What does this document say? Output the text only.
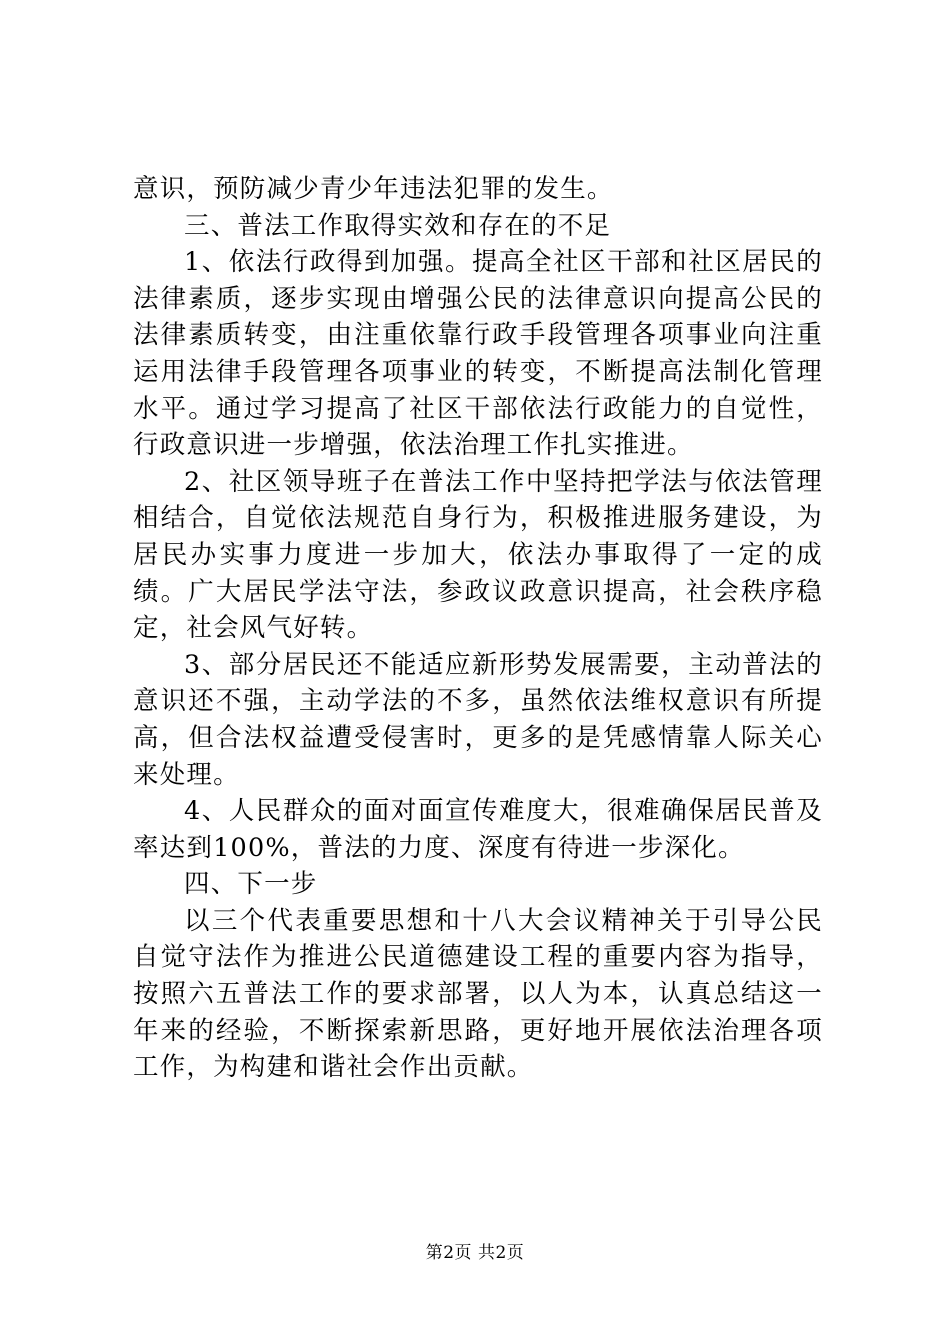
意识，预防减少青少年违法犯罪的发生。

三、普法工作取得实效和存在的不足

1、依法行政得到加强。提高全社区干部和社区居民的法律素质，逐步实现由增强公民的法律意识向提高公民的法律素质转变，由注重依靠行政手段管理各项事业向注重运用法律手段管理各项事业的转变，不断提高法制化管理水平。通过学习提高了社区干部依法行政能力的自觉性，行政意识进一步增强，依法治理工作扎实推进。

2、社区领导班子在普法工作中坚持把学法与依法管理相结合，自觉依法规范自身行为，积极推进服务建设，为居民办实事力度进一步加大，依法办事取得了一定的成绩。广大居民学法守法，参政议政意识提高，社会秩序稳定，社会风气好转。

3、部分居民还不能适应新形势发展需要，主动普法的意识还不强，主动学法的不多，虽然依法维权意识有所提高，但合法权益遭受侵害时，更多的是凭感情靠人际关心来处理。

4、人民群众的面对面宣传难度大，很难确保居民普及率达到100%，普法的力度、深度有待进一步深化。

四、下一步

以三个代表重要思想和十八大会议精神关于引导公民自觉守法作为推进公民道德建设工程的重要内容为指导，按照六五普法工作的要求部署，以人为本，认真总结这一年来的经验，不断探索新思路，更好地开展依法治理各项工作，为构建和谐社会作出贡献。

第2页 共2页
